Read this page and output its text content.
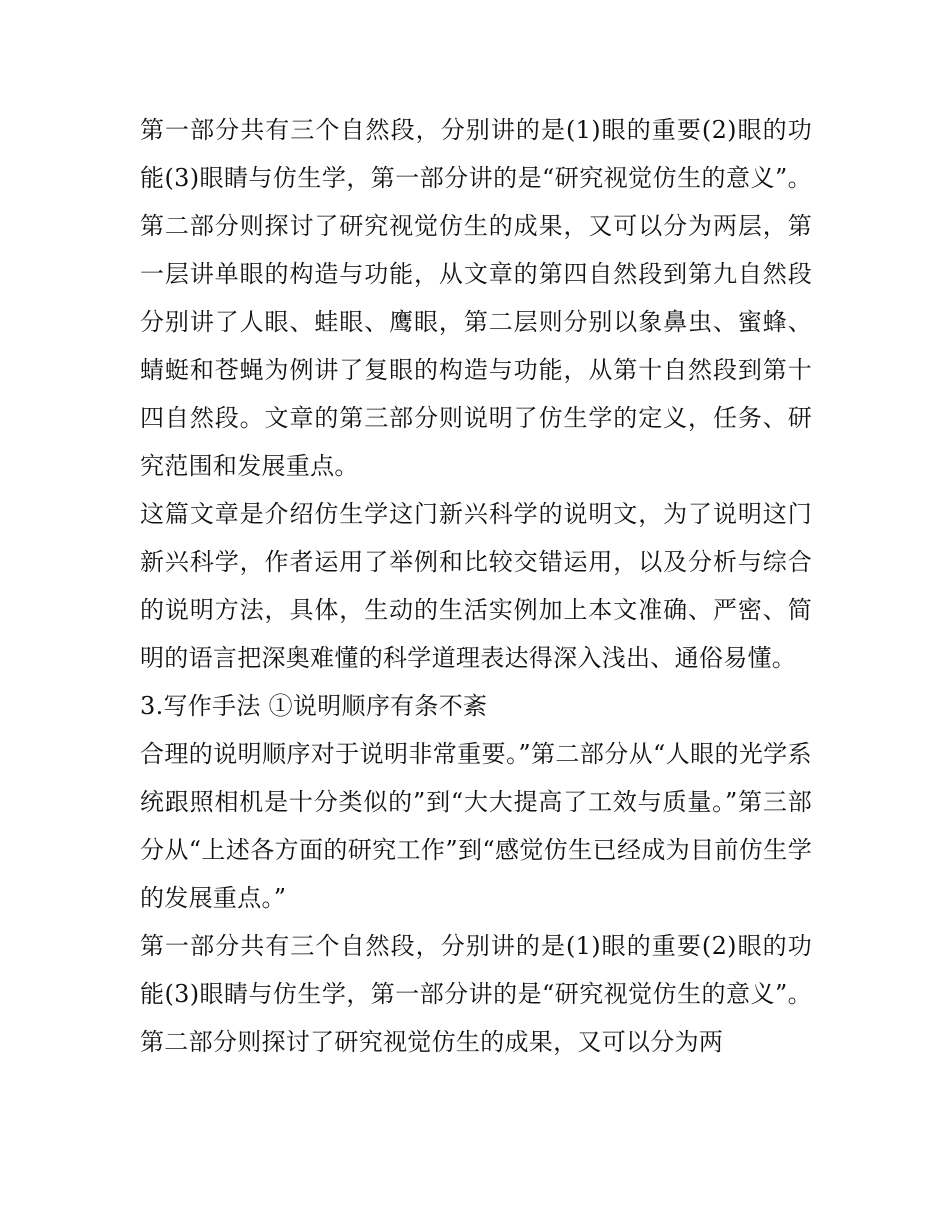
第一部分共有三个自然段，分别讲的是(1)眼的重要(2)眼的功能(3)眼睛与仿生学，第一部分讲的是“研究视觉仿生的意义”。第二部分则探讨了研究视觉仿生的成果，又可以分为两层，第一层讲单眼的构造与功能，从文章的第四自然段到第九自然段分别讲了人眼、蛙眼、鹰眼，第二层则分别以象鼻虫、蜜蜂、蜻蜓和苍蝇为例讲了复眼的构造与功能，从第十自然段到第十四自然段。文章的第三部分则说明了仿生学的定义，任务、研究范围和发展重点。

这篇文章是介绍仿生学这门新兴科学的说明文，为了说明这门新兴科学，作者运用了举例和比较交错运用，以及分析与综合的说明方法，具体，生动的生活实例加上本文准确、严密、简明的语言把深奥难懂的科学道理表达得深入浅出、通俗易懂。

3.写作手法 ①说明顺序有条不紊

合理的说明顺序对于说明非常重要。”第二部分从“人眼的光学系统跟照相机是十分类似的”到“大大提高了工效与质量。”第三部分从“上述各方面的研究工作”到“感觉仿生已经成为目前仿生学的发展重点。”

第一部分共有三个自然段，分别讲的是(1)眼的重要(2)眼的功能(3)眼睛与仿生学，第一部分讲的是“研究视觉仿生的意义”。第二部分则探讨了研究视觉仿生的成果，又可以分为两
